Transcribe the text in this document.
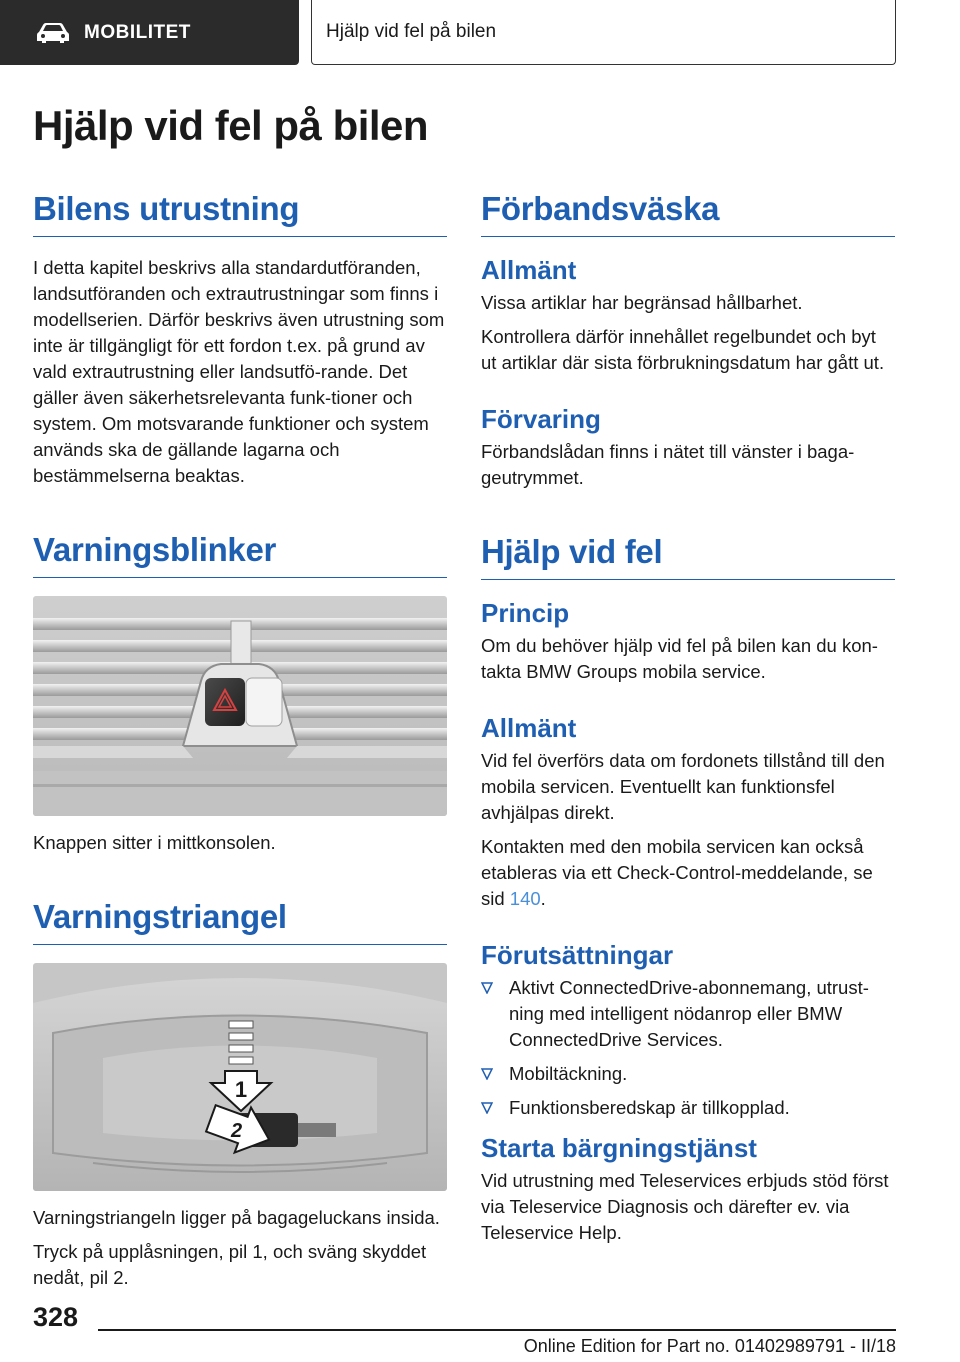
MOBILITET	Hjälp vid fel på bilen
Hjälp vid fel på bilen
Bilens utrustning

I detta kapitel beskrivs alla standardutföranden, landsutföranden och extrautrustningar som finns i modellserien. Därför beskrivs även utrustning som inte är tillgängligt för ett fordon t.ex. på grund av vald extrautrustning eller landsutfö-rande. Det gäller även säkerhetsrelevanta funk-tioner och system. Om motsvarande funktioner och system används ska de gällande lagarna och bestämmelserna beaktas.

Varningsblinker

Knappen sitter i mittkonsolen.

Varningstriangel
1
2

Varningstriangeln ligger på bagageluckans insida.

Tryck på upplåsningen, pil 1, och sväng skyddet nedåt, pil 2.

Förbandsväska
Allmänt

Vissa artiklar har begränsad hållbarhet.

Kontrollera därför innehållet regelbundet och byt ut artiklar där sista förbrukningsdatum har gått ut.

Förvaring

Förbandslådan finns i nätet till vänster i baga-geutrymmet.

Hjälp vid fel
Princip

Om du behöver hjälp vid fel på bilen kan du kon-takta BMW Groups mobila service.

Allmänt

Vid fel överförs data om fordonets tillstånd till den mobila servicen. Eventuellt kan funktionsfel avhjälpas direkt.

Kontakten med den mobila servicen kan också etableras via ett Check-Control-meddelande, se sid 140.

Förutsättningar
Aktivt ConnectedDrive-abonnemang, utrust-ning med intelligent nödanrop eller BMW ConnectedDrive Services.
Mobiltäckning.
Funktionsberedskap är tillkopplad.
Starta bärgningstjänst

Vid utrustning med Teleservices erbjuds stöd först via Teleservice Diagnosis och därefter ev. via Teleservice Help.

328
Online Edition for Part no. 01402989791 - II/18
